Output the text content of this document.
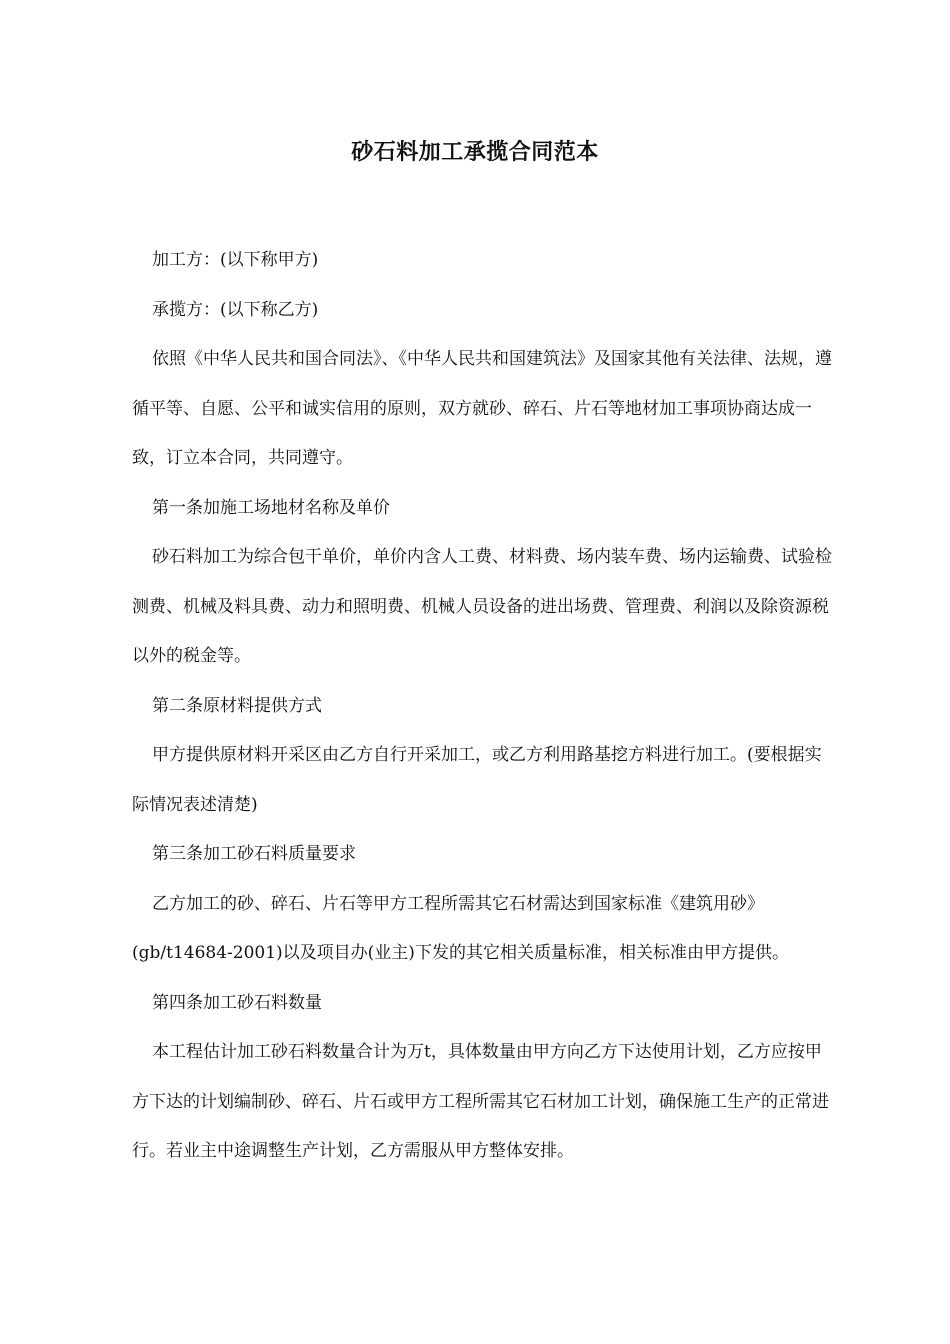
砂石料加工承揽合同范本

加工方：(以下称甲方)

承揽方：(以下称乙方)

依照《中华人民共和国合同法》、《中华人民共和国建筑法》及国家其他有关法律、法规，遵循平等、自愿、公平和诚实信用的原则，双方就砂、碎石、片石等地材加工事项协商达成一致，订立本合同，共同遵守。

第一条加施工场地材名称及单价

砂石料加工为综合包干单价，单价内含人工费、材料费、场内装车费、场内运输费、试验检测费、机械及料具费、动力和照明费、机械人员设备的进出场费、管理费、利润以及除资源税以外的税金等。

第二条原材料提供方式

甲方提供原材料开采区由乙方自行开采加工，或乙方利用路基挖方料进行加工。(要根据实际情况表述清楚)

第三条加工砂石料质量要求

乙方加工的砂、碎石、片石等甲方工程所需其它石材需达到国家标准《建筑用砂》(gb/t14684-2001)以及项目办(业主)下发的其它相关质量标准，相关标准由甲方提供。

第四条加工砂石料数量

本工程估计加工砂石料数量合计为万t，具体数量由甲方向乙方下达使用计划，乙方应按甲方下达的计划编制砂、碎石、片石或甲方工程所需其它石材加工计划，确保施工生产的正常进行。若业主中途调整生产计划，乙方需服从甲方整体安排。
